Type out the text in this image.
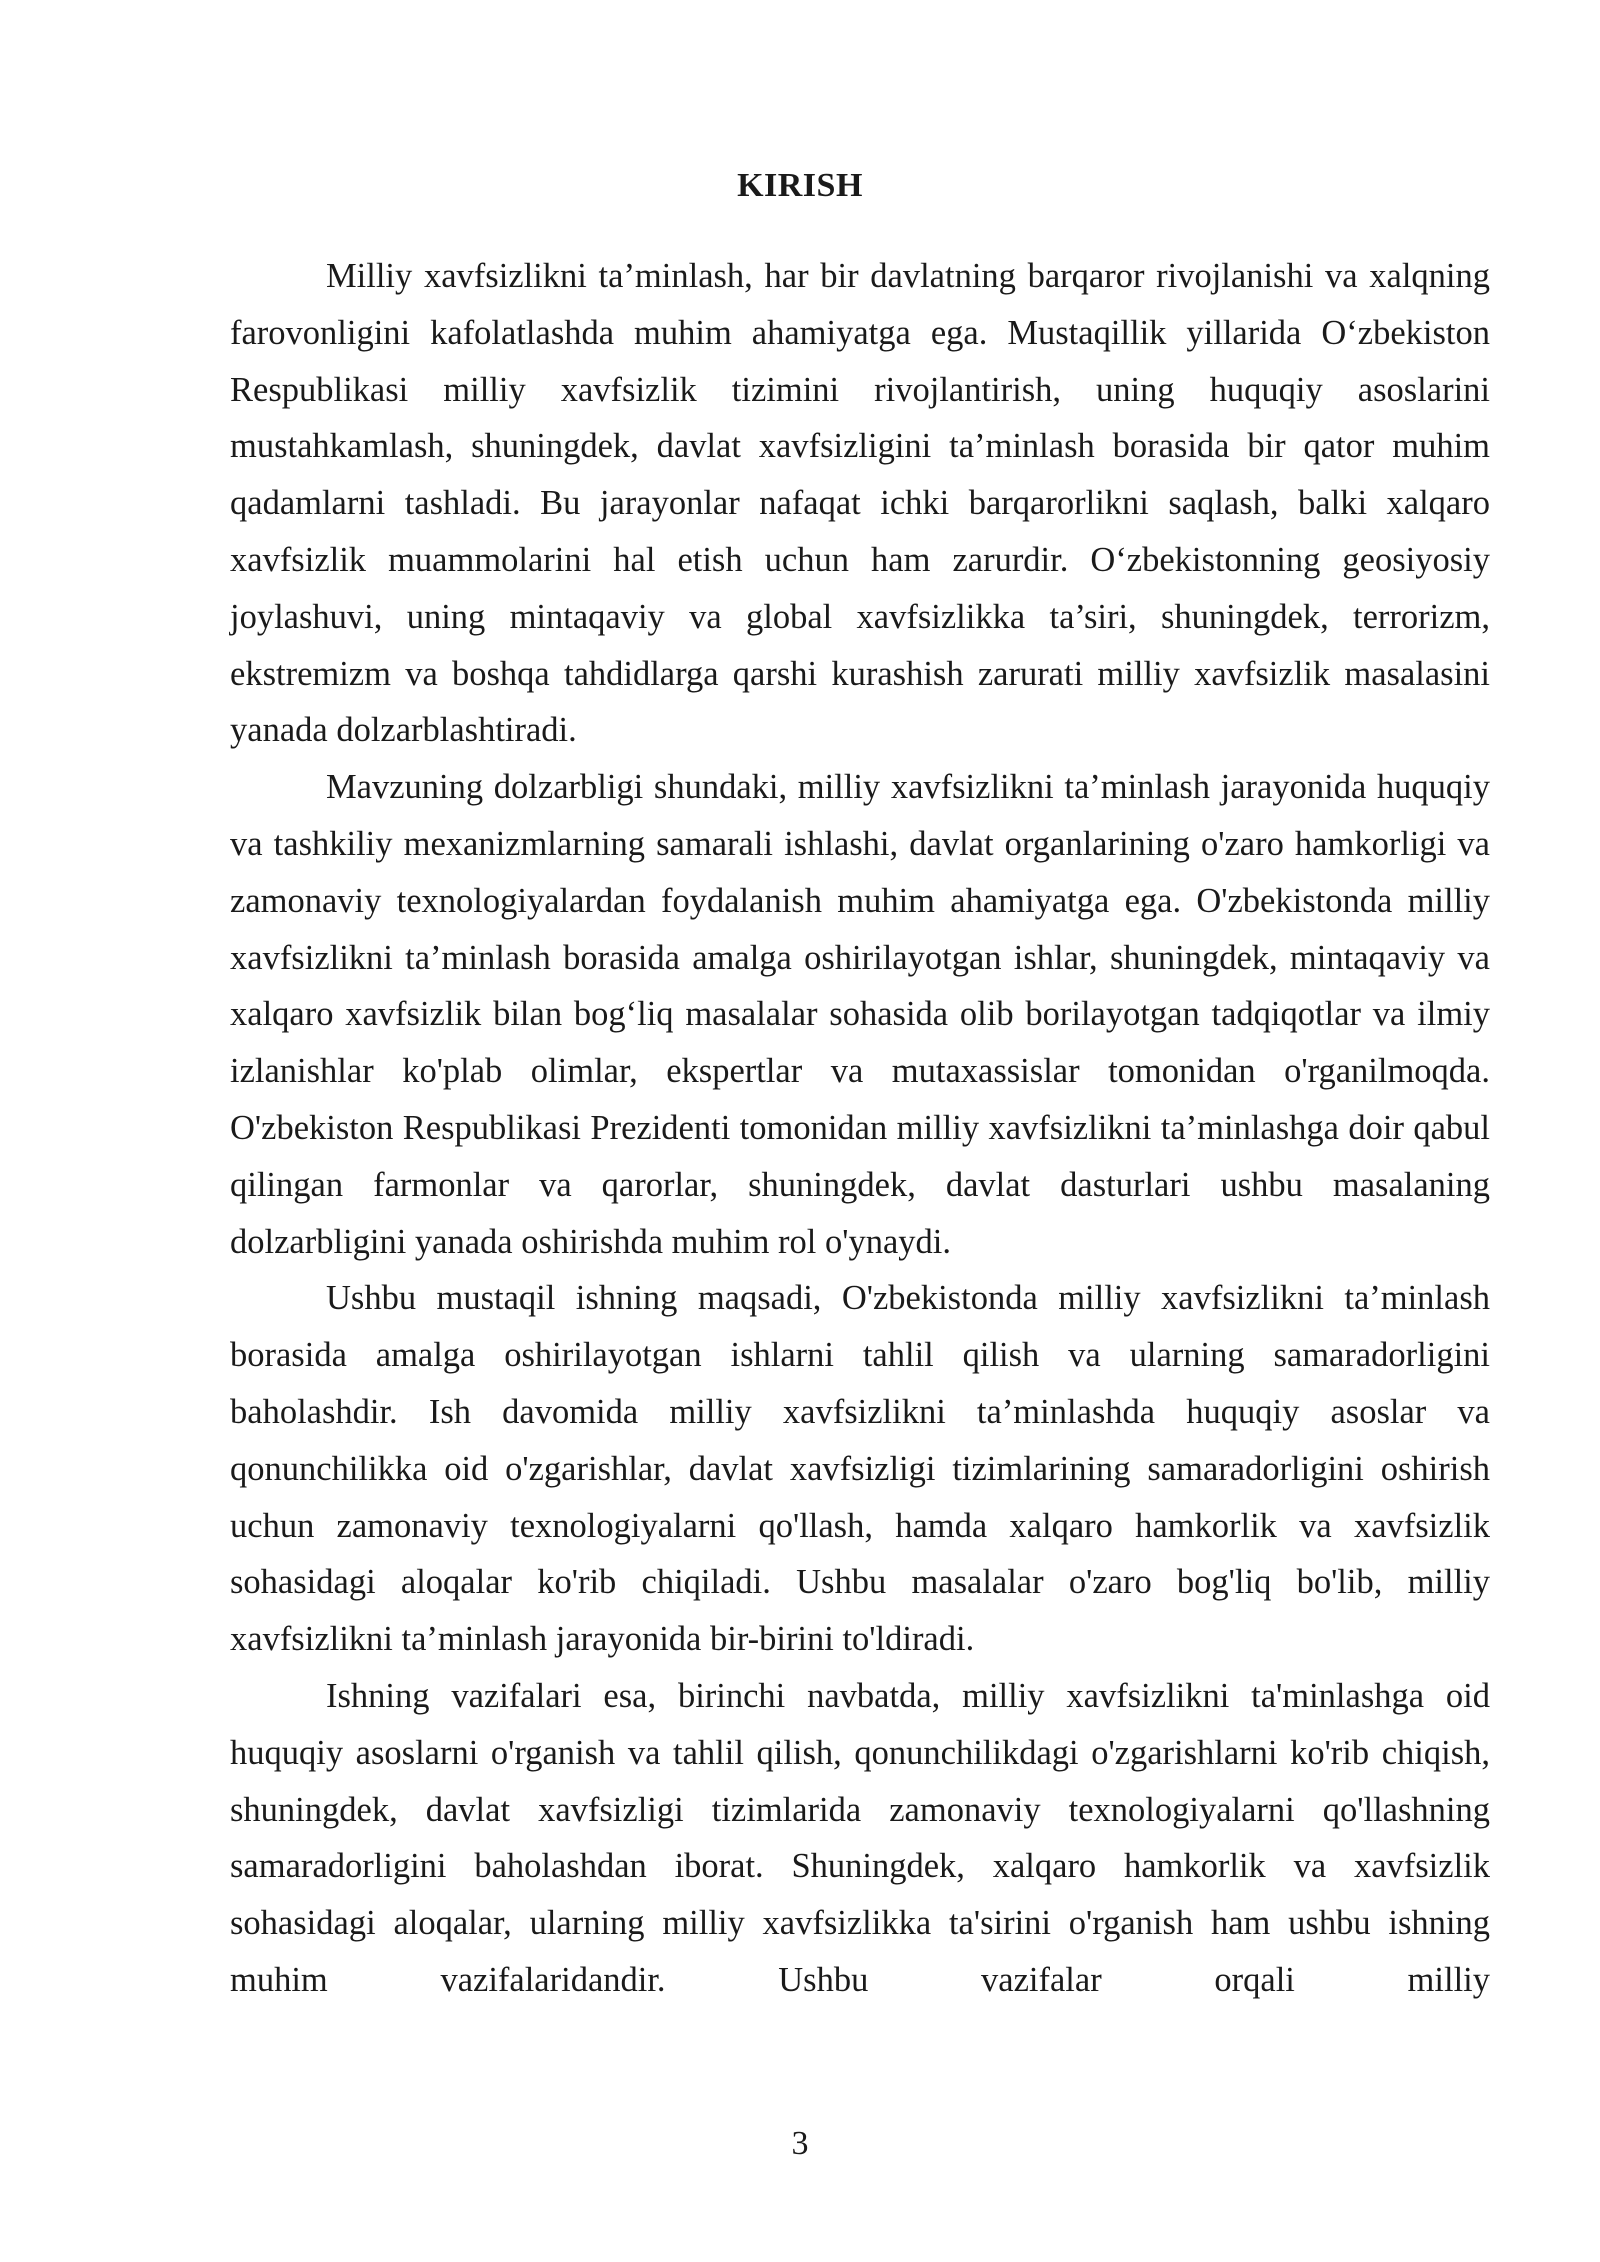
KIRISH

Milliy xavfsizlikni ta’minlash, har bir davlatning barqaror rivojlanishi va xalqning farovonligini kafolatlashda muhim ahamiyatga ega. Mustaqillik yillarida O‘zbekiston Respublikasi milliy xavfsizlik tizimini rivojlantirish, uning huquqiy asoslarini mustahkamlash, shuningdek, davlat xavfsizligini ta’minlash borasida bir qator muhim qadamlarni tashladi. Bu jarayonlar nafaqat ichki barqarorlikni saqlash, balki xalqaro xavfsizlik muammolarini hal etish uchun ham zarurdir. O‘zbekistonning geosiyosiy joylashuvi, uning mintaqaviy va global xavfsizlikka ta’siri, shuningdek, terrorizm, ekstremizm va boshqa tahdidlarga qarshi kurashish zarurati milliy xavfsizlik masalasini yanada dolzarblashtiradi.

Mavzuning dolzarbligi shundaki, milliy xavfsizlikni ta’minlash jarayonida huquqiy va tashkiliy mexanizmlarning samarali ishlashi, davlat organlarining o'zaro hamkorligi va zamonaviy texnologiyalardan foydalanish muhim ahamiyatga ega. O'zbekistonda milliy xavfsizlikni ta’minlash borasida amalga oshirilayotgan ishlar, shuningdek, mintaqaviy va xalqaro xavfsizlik bilan bog‘liq masalalar sohasida olib borilayotgan tadqiqotlar va ilmiy izlanishlar ko'plab olimlar, ekspertlar va mutaxassislar tomonidan o'rganilmoqda. O'zbekiston Respublikasi Prezidenti tomonidan milliy xavfsizlikni ta’minlashga doir qabul qilingan farmonlar va qarorlar, shuningdek, davlat dasturlari ushbu masalaning dolzarbligini yanada oshirishda muhim rol o'ynaydi.

Ushbu mustaqil ishning maqsadi, O'zbekistonda milliy xavfsizlikni ta’minlash borasida amalga oshirilayotgan ishlarni tahlil qilish va ularning samaradorligini baholashdir. Ish davomida milliy xavfsizlikni ta’minlashda huquqiy asoslar va qonunchilikka oid o'zgarishlar, davlat xavfsizligi tizimlarining samaradorligini oshirish uchun zamonaviy texnologiyalarni qo'llash, hamda xalqaro hamkorlik va xavfsizlik sohasidagi aloqalar ko'rib chiqiladi. Ushbu masalalar o'zaro bog'liq bo'lib, milliy xavfsizlikni ta’minlash jarayonida bir-birini to'ldiradi.

Ishning vazifalari esa, birinchi navbatda, milliy xavfsizlikni ta'minlashga oid huquqiy asoslarni o'rganish va tahlil qilish, qonunchilikdagi o'zgarishlarni ko'rib chiqish, shuningdek, davlat xavfsizligi tizimlarida zamonaviy texnologiyalarni qo'llashning samaradorligini baholashdan iborat. Shuningdek, xalqaro hamkorlik va xavfsizlik sohasidagi aloqalar, ularning milliy xavfsizlikka ta'sirini o'rganish ham ushbu ishning muhim vazifalaridandir. Ushbu vazifalar orqali milliy

3
